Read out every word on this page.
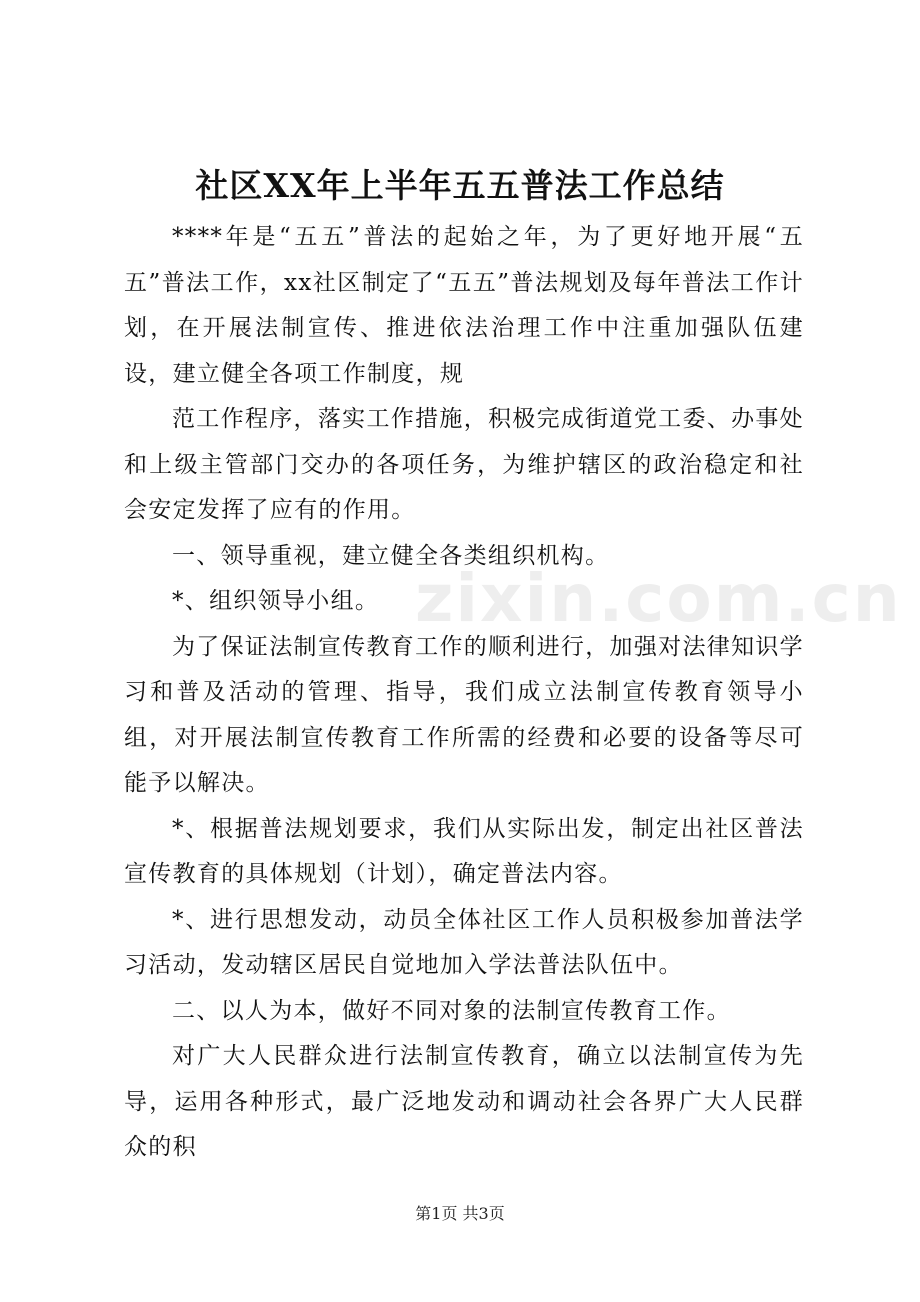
社区XX年上半年五五普法工作总结
zixin.com.cn

****年是“五五”普法的起始之年，为了更好地开展“五五”普法工作，xx社区制定了“五五”普法规划及每年普法工作计划，在开展法制宣传、推进依法治理工作中注重加强队伍建设，建立健全各项工作制度，规

范工作程序，落实工作措施，积极完成街道党工委、办事处和上级主管部门交办的各项任务，为维护辖区的政治稳定和社会安定发挥了应有的作用。

一、领导重视，建立健全各类组织机构。

*、组织领导小组。

为了保证法制宣传教育工作的顺利进行，加强对法律知识学习和普及活动的管理、指导，我们成立法制宣传教育领导小组，对开展法制宣传教育工作所需的经费和必要的设备等尽可能予以解决。

*、根据普法规划要求，我们从实际出发，制定出社区普法宣传教育的具体规划（计划），确定普法内容。

*、进行思想发动，动员全体社区工作人员积极参加普法学习活动，发动辖区居民自觉地加入学法普法队伍中。

二、以人为本，做好不同对象的法制宣传教育工作。

对广大人民群众进行法制宣传教育，确立以法制宣传为先导，运用各种形式，最广泛地发动和调动社会各界广大人民群众的积

第1页 共3页
